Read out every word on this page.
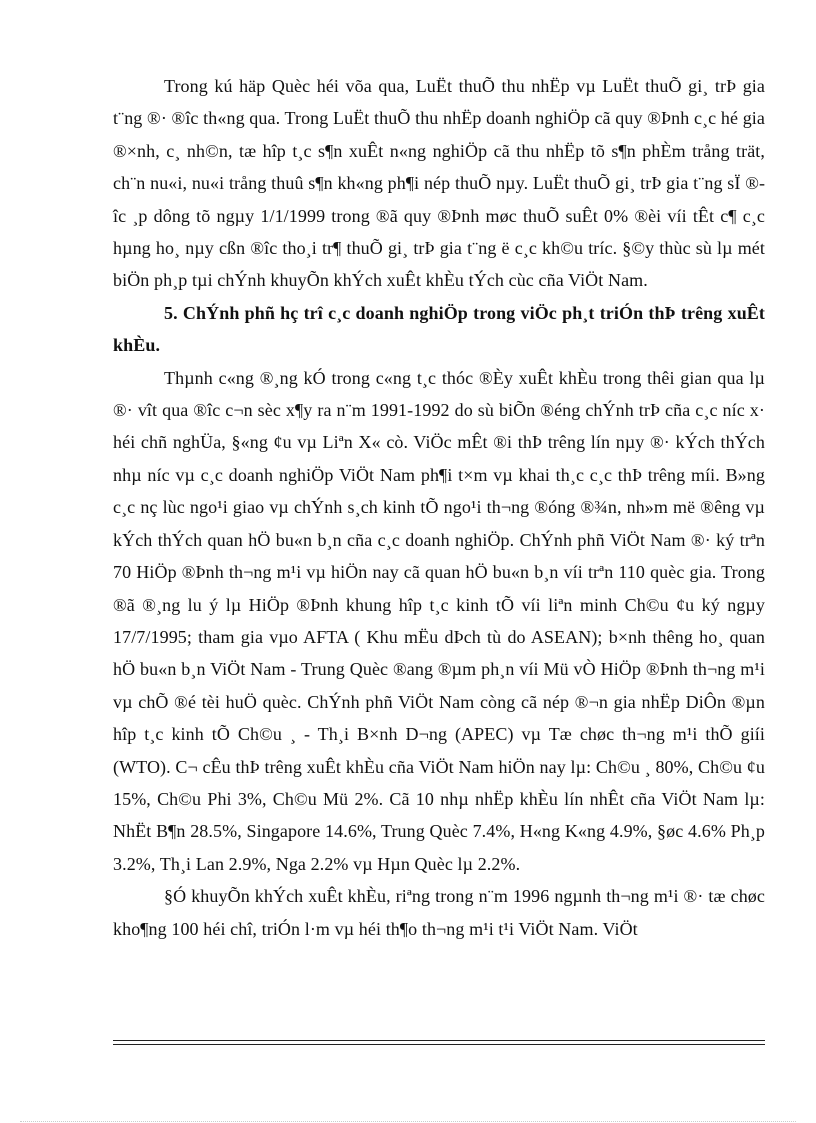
Trong kú häp Quèc héi võa qua, LuËt thuÕ thu nhËp vµ LuËt thuÕ gi¸ trÞ gia t¨ng ®· ®îc th«ng qua. Trong LuËt thuÕ thu nhËp doanh nghiÖp cã quy ®Þnh c¸c hé gia ®×nh, c¸ nh©n, tæ hîp t¸c s¶n xuÊt n«ng nghiÖp cã thu nhËp tõ s¶n phÈm trång trät, ch¨n nu«i, nu«i trång thuû s¶n kh«ng ph¶i nép thuÕ nµy. LuËt thuÕ gi¸ trÞ gia t¨ng sÏ ®îc ¸p dông tõ ngµy 1/1/1999 trong ®ã quy ®Þnh møc thuÕ suÊt 0% ®èi víi tÊt c¶ c¸c hµng ho¸ nµy cßn ®îc tho¸i tr¶ thuÕ gi¸ trÞ gia t¨ng ë c¸c kh©u tríc. §©y thùc sù lµ mét biÖn ph¸p tµi chÝnh khuyÕn khÝch xuÊt khÈu tÝch cùc cña ViÖt Nam.

5. ChÝnh phñ hç trî c¸c doanh nghiÖp trong viÖc ph¸t triÓn thÞ trêng xuÊt khÈu.

Thµnh c«ng ®¸ng kÓ trong c«ng t¸c thóc ®Èy xuÊt khÈu trong thêi gian qua lµ ®· vît qua ®îc c¬n sèc x¶y ra n¨m 1991-1992 do sù biÕn ®éng chÝnh trÞ cña c¸c níc x· héi chñ nghÜa, §«ng ¢u vµ Liªn X« cò. ViÖc mÊt ®i thÞ trêng lín nµy ®· kÝch thÝch nhµ níc vµ c¸c doanh nghiÖp ViÖt Nam ph¶i t×m vµ khai th¸c c¸c thÞ trêng míi. B»ng c¸c nç lùc ngo¹i giao vµ chÝnh s¸ch kinh tÕ ngo¹i th¬ng ®óng ®¾n, nh»m më ®êng vµ kÝch thÝch quan hÖ bu«n b¸n cña c¸c doanh nghiÖp. ChÝnh phñ ViÖt Nam ®· ký trªn 70 HiÖp ®Þnh th¬ng m¹i vµ hiÖn nay cã quan hÖ bu«n b¸n víi trªn 110 quèc gia. Trong ®ã ®¸ng lu ý lµ HiÖp ®Þnh khung hîp t¸c kinh tÕ víi liªn minh Ch©u ¢u ký ngµy 17/7/1995; tham gia vµo AFTA ( Khu mËu dÞch tù do ASEAN); b×nh thêng ho¸ quan hÖ bu«n b¸n ViÖt Nam - Trung Quèc ®ang ®µm ph¸n víi Mü vÒ HiÖp ®Þnh th¬ng m¹i vµ chÕ ®é tèi huÖ quèc. ChÝnh phñ ViÖt Nam còng cã nép ®¬n gia nhËp DiÔn ®µn hîp t¸c kinh tÕ Ch©u ¸ - Th¸i B×nh D¬ng (APEC) vµ Tæ chøc th¬ng m¹i thÕ giíi (WTO). C¬ cÊu thÞ trêng xuÊt khÈu cña ViÖt Nam hiÖn nay lµ: Ch©u ¸ 80%, Ch©u ¢u 15%, Ch©u Phi 3%, Ch©u Mü 2%. Cã 10 nhµ nhËp khÈu lín nhÊt cña ViÖt Nam lµ: NhËt B¶n 28.5%, Singapore 14.6%, Trung Quèc 7.4%, H«ng K«ng 4.9%, §øc 4.6% Ph¸p 3.2%, Th¸i Lan 2.9%, Nga 2.2% vµ Hµn Quèc lµ 2.2%.

§Ó khuyÕn khÝch xuÊt khÈu, riªng trong n¨m 1996 ngµnh th¬ng m¹i ®· tæ chøc kho¶ng 100 héi chî, triÓn l·m vµ héi th¶o th¬ng m¹i t¹i ViÖt Nam. ViÖt
